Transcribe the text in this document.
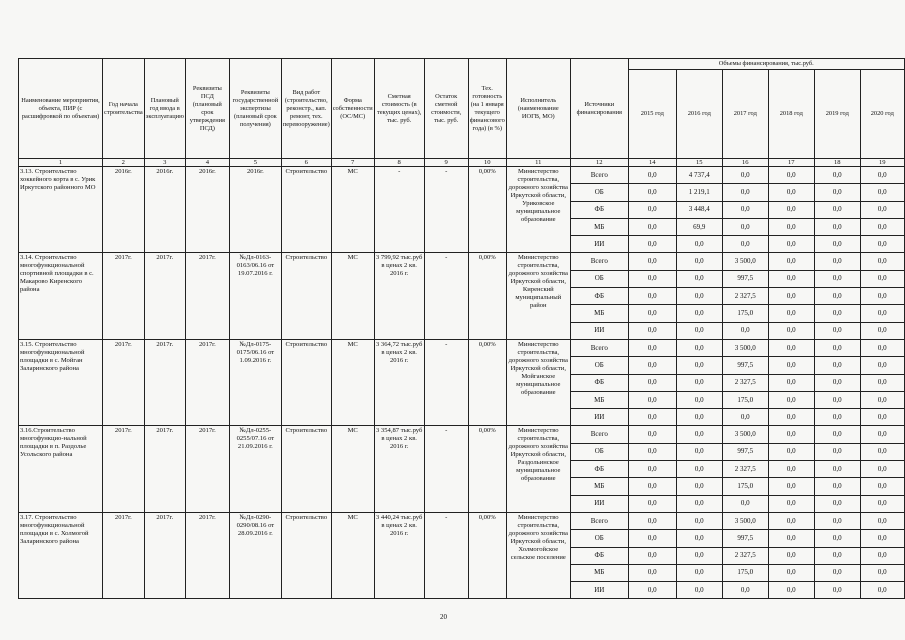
Наименование мероприятия, объекта, ПИР (с расшифровкой по объектам)	Год начала строительства	Плановый год ввода в эксплуатацию	Реквизиты ПСД (плановый срок утверждения ПСД)	Реквизиты государственной экспертизы (плановый срок получения)	Вид работ (строительство, реконстр., кап. ремонт, тех. перевооружение)	Форма собственности (ОС/МС)	Сметная стоимость (в текущих ценах), тыс. руб.	Остаток сметной стоимости, тыс. руб.	Тех. готовность (на 1 января текущего финансового года) (в %)	Исполнитель (наименование ИОГВ, МО)	Источники финансирования	Объемы финансирования, тыс.руб.					
												2015 год	2016 год	2017 год	2018 год	2019 год	2020 год
1	2	3	4	5	6	7	8	9	10	11	12	14	15	16	17	18	19
3.13. Строительство хоккейного корта в с. Урик Иркутского районного МО	2016г.	2016г.	2016г.	2016г.	Строительство	МС	-	-	0,00%	Министерство строительства, дорожного хозяйства Иркутской области, Уриковское муниципальное образование	Всего	0,0	4 737,4	0,0	0,0	0,0	0,0
											ОБ	0,0	1 219,1	0,0	0,0	0,0	0,0
											ФБ	0,0	3 448,4	0,0	0,0	0,0	0,0
											МБ	0,0	69,9	0,0	0,0	0,0	0,0
											ИИ	0,0	0,0	0,0	0,0	0,0	0,0
3.14. Строительство многофункциональной спортивной площадки в с. Макарово Киренского района	2017г.	2017г.	2017г.	№Дл-0163-0163/06.16 от 19.07.2016 г.	Строительство	МС	3 799,92 тыс.руб в ценах 2 кв. 2016 г.	-	0,00%	Министерство строительства, дорожного хозяйства Иркутской области, Киренский муниципальный район	Всего	0,0	0,0	3 500,0	0,0	0,0	0,0
											ОБ	0,0	0,0	997,5	0,0	0,0	0,0
											ФБ	0,0	0,0	2 327,5	0,0	0,0	0,0
											МБ	0,0	0,0	175,0	0,0	0,0	0,0
											ИИ	0,0	0,0	0,0	0,0	0,0	0,0
3.15. Строительство многофункциональной площадки в с. Мойган Заларинского района	2017г.	2017г.	2017г.	№Дл-0175-0175/06.16 от 1.09.2016 г.	Строительство	МС	3 364,72 тыс.руб в ценах 2 кв. 2016 г.	-	0,00%	Министерство строительства, дорожного хозяйства Иркутской области, Мойганское муниципальное образование	Всего	0,0	0,0	3 500,0	0,0	0,0	0,0
											ОБ	0,0	0,0	997,5	0,0	0,0	0,0
											ФБ	0,0	0,0	2 327,5	0,0	0,0	0,0
											МБ	0,0	0,0	175,0	0,0	0,0	0,0
											ИИ	0,0	0,0	0,0	0,0	0,0	0,0
3.16.Строительство многофункцио-нальной площадки в п. Раздолье Усольского района	2017г.	2017г.	2017г.	№Дл-0255-0255/07.16 от 21.09.2016 г.	Строительство	МС	3 354,87 тыс.руб в ценах 2 кв. 2016 г.	-	0,00%	Министерство строительства, дорожного хозяйства Иркутской области, Раздольинское муниципальное образование	Всего	0,0	0,0	3 500,0	0,0	0,0	0,0
											ОБ	0,0	0,0	997,5	0,0	0,0	0,0
											ФБ	0,0	0,0	2 327,5	0,0	0,0	0,0
											МБ	0,0	0,0	175,0	0,0	0,0	0,0
											ИИ	0,0	0,0	0,0	0,0	0,0	0,0
3.17. Строительство многофункциональной площадки в с. Холмогой Заларинского района	2017г.	2017г.	2017г.	№Дл-0290-0290/08.16 от 28.09.2016 г.	Строительство	МС	3 440,24 тыс.руб в ценах 2 кв. 2016 г.	-	0,00%	Министерство строительства, дорожного хозяйства Иркутской области, Холмогойское сельское поселение	Всего	0,0	0,0	3 500,0	0,0	0,0	0,0
											ОБ	0,0	0,0	997,5	0,0	0,0	0,0
											ФБ	0,0	0,0	2 327,5	0,0	0,0	0,0
											МБ	0,0	0,0	175,0	0,0	0,0	0,0
											ИИ	0,0	0,0	0,0	0,0	0,0	0,0
20
